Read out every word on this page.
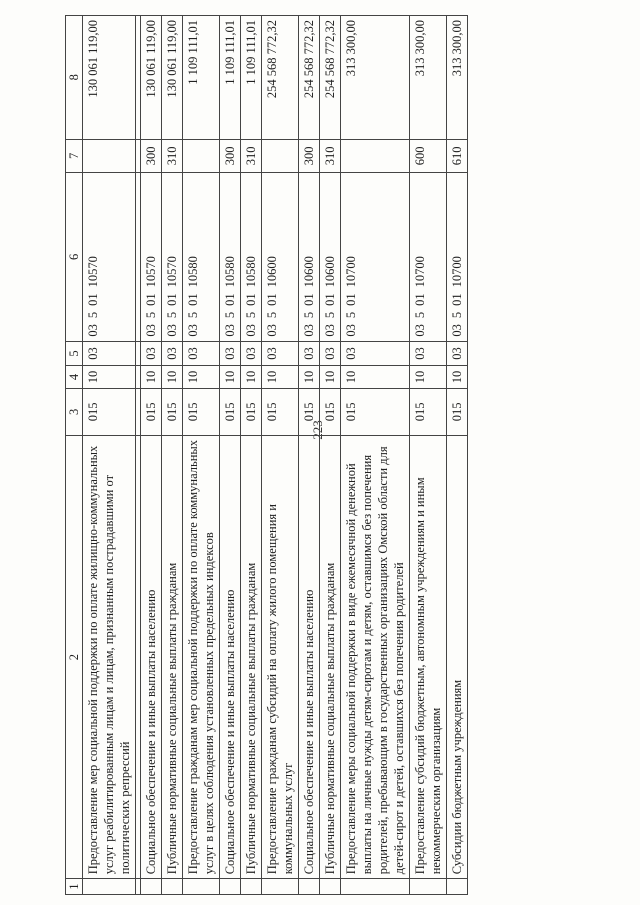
223
1	2	3	4	5	6	7	8
	Предоставление мер социальной поддержки по оплате жилищно-коммунальных услуг реабилитированным лицам и лицам, признанным пострадавшими от политических репрессий	015	10	03	0350110570		130 061 119,00

	Социальное обеспечение и иные выплаты населению	015	10	03	0350110570	300	130 061 119,00
	Публичные нормативные социальные выплаты гражданам	015	10	03	0350110570	310	130 061 119,00
	Предоставление гражданам мер социальной поддержки по оплате коммунальных услуг в целях соблюдения установленных предельных индексов	015	10	03	0350110580		1 109 111,01
	Социальное обеспечение и иные выплаты населению	015	10	03	0350110580	300	1 109 111,01
	Публичные нормативные социальные выплаты гражданам	015	10	03	0350110580	310	1 109 111,01
	Предоставление гражданам субсидий на оплату жилого помещения и коммунальных услуг	015	10	03	0350110600		254 568 772,32
	Социальное обеспечение и иные выплаты населению	015	10	03	0350110600	300	254 568 772,32
	Публичные нормативные социальные выплаты гражданам	015	10	03	0350110600	310	254 568 772,32
	Предоставление меры социальной поддержки в виде ежемесячной денежной выплаты на личные нужды детям-сиротам и детям, оставшимся без попечения родителей, пребывающим в государственных организациях Омской области для детей-сирот и детей, оставшихся без попечения родителей	015	10	03	0350110700		313 300,00
	Предоставление субсидий бюджетным, автономным учреждениям и иным некоммерческим организациям	015	10	03	0350110700	600	313 300,00
	Субсидии бюджетным учреждениям	015	10	03	0350110700	610	313 300,00
